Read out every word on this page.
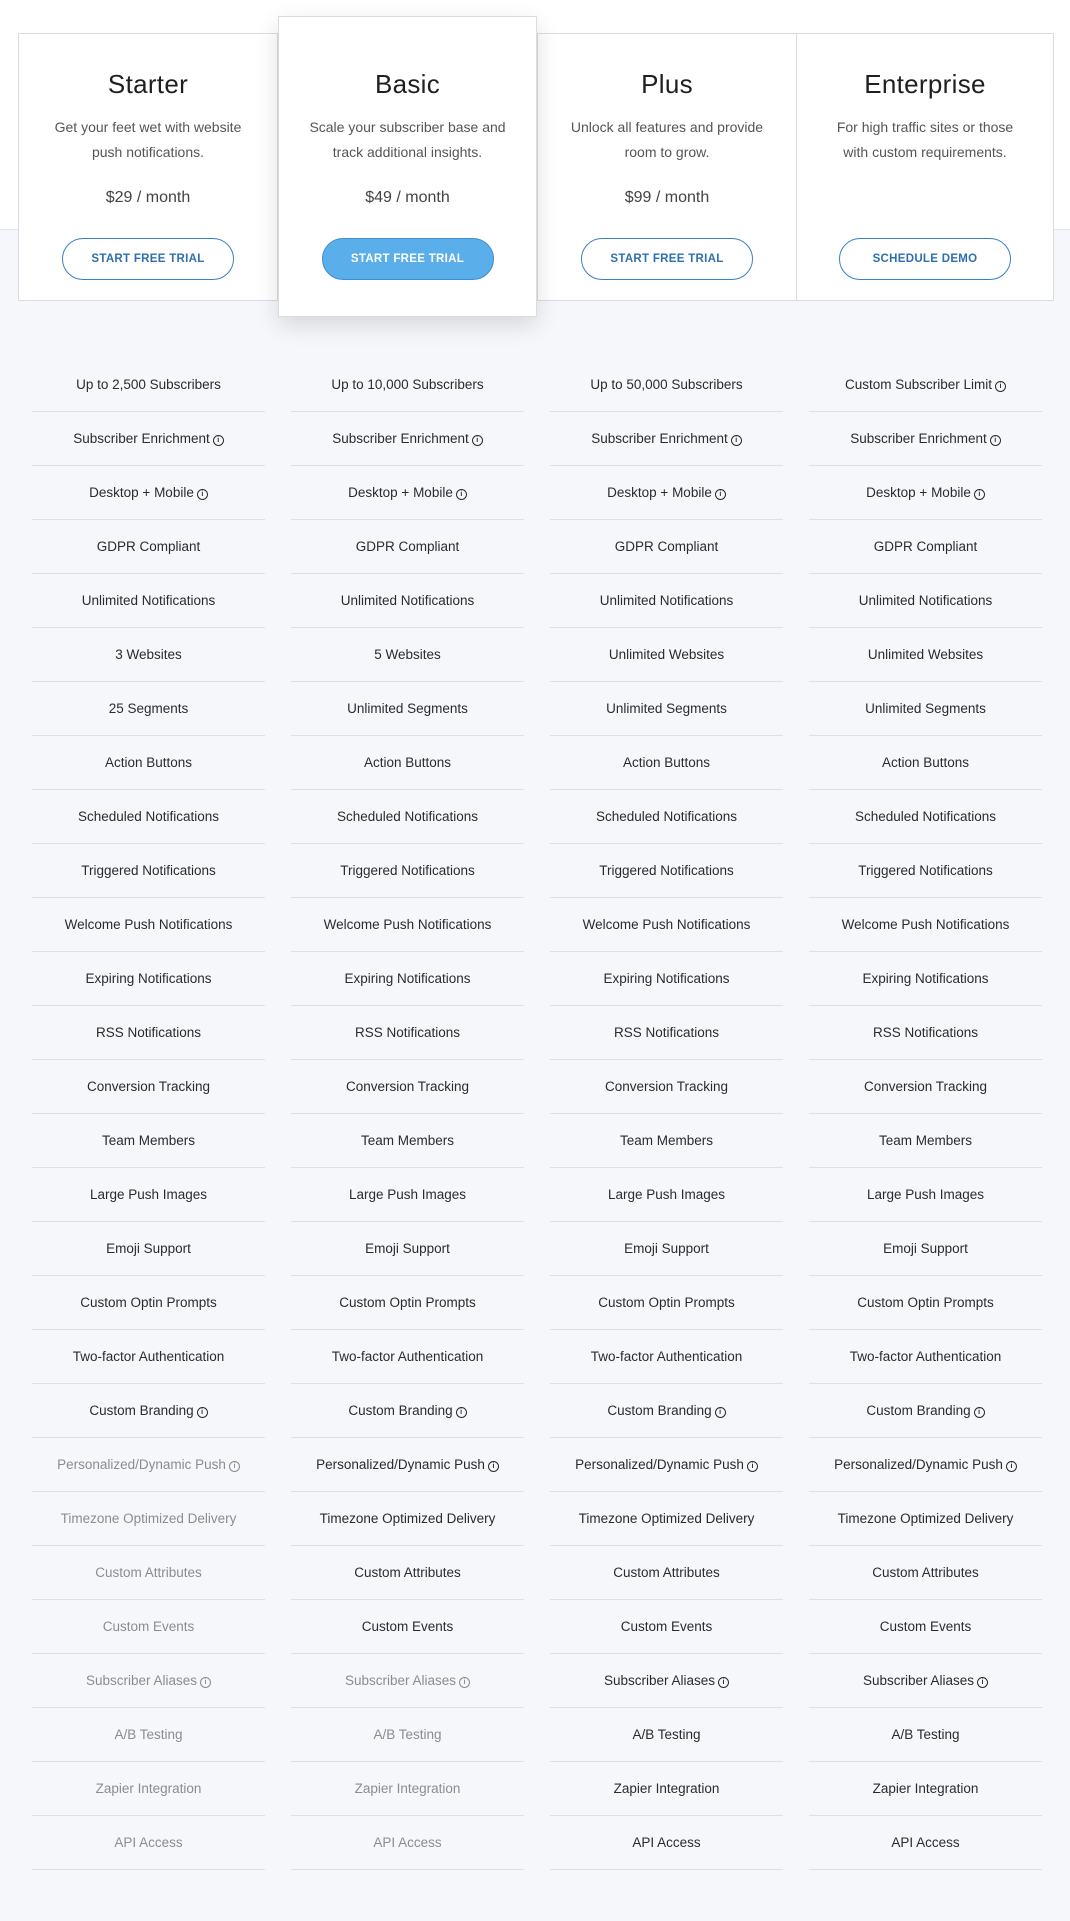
Starter
Get your feet wet with website push notifications.
$29 / month
START FREE TRIAL
Basic
Scale your subscriber base and track additional insights.
$49 / month
START FREE TRIAL
Plus
Unlock all features and provide room to grow.
$99 / month
START FREE TRIAL
Enterprise
For high traffic sites or those with custom requirements.
SCHEDULE DEMO
Up to 2,500 Subscribers
Subscriber Enrichment i
Desktop + Mobile i
GDPR Compliant
Unlimited Notifications
3 Websites
25 Segments
Action Buttons
Scheduled Notifications
Triggered Notifications
Welcome Push Notifications
Expiring Notifications
RSS Notifications
Conversion Tracking
Team Members
Large Push Images
Emoji Support
Custom Optin Prompts
Two-factor Authentication
Custom Branding i
Personalized/Dynamic Push i
Timezone Optimized Delivery
Custom Attributes
Custom Events
Subscriber Aliases i
A/B Testing
Zapier Integration
API Access
Up to 10,000 Subscribers
Subscriber Enrichment i
Desktop + Mobile i
GDPR Compliant
Unlimited Notifications
5 Websites
Unlimited Segments
Action Buttons
Scheduled Notifications
Triggered Notifications
Welcome Push Notifications
Expiring Notifications
RSS Notifications
Conversion Tracking
Team Members
Large Push Images
Emoji Support
Custom Optin Prompts
Two-factor Authentication
Custom Branding i
Personalized/Dynamic Push i
Timezone Optimized Delivery
Custom Attributes
Custom Events
Subscriber Aliases i
A/B Testing
Zapier Integration
API Access
Up to 50,000 Subscribers
Subscriber Enrichment i
Desktop + Mobile i
GDPR Compliant
Unlimited Notifications
Unlimited Websites
Unlimited Segments
Action Buttons
Scheduled Notifications
Triggered Notifications
Welcome Push Notifications
Expiring Notifications
RSS Notifications
Conversion Tracking
Team Members
Large Push Images
Emoji Support
Custom Optin Prompts
Two-factor Authentication
Custom Branding i
Personalized/Dynamic Push i
Timezone Optimized Delivery
Custom Attributes
Custom Events
Subscriber Aliases i
A/B Testing
Zapier Integration
API Access
Custom Subscriber Limit i
Subscriber Enrichment i
Desktop + Mobile i
GDPR Compliant
Unlimited Notifications
Unlimited Websites
Unlimited Segments
Action Buttons
Scheduled Notifications
Triggered Notifications
Welcome Push Notifications
Expiring Notifications
RSS Notifications
Conversion Tracking
Team Members
Large Push Images
Emoji Support
Custom Optin Prompts
Two-factor Authentication
Custom Branding i
Personalized/Dynamic Push i
Timezone Optimized Delivery
Custom Attributes
Custom Events
Subscriber Aliases i
A/B Testing
Zapier Integration
API Access
